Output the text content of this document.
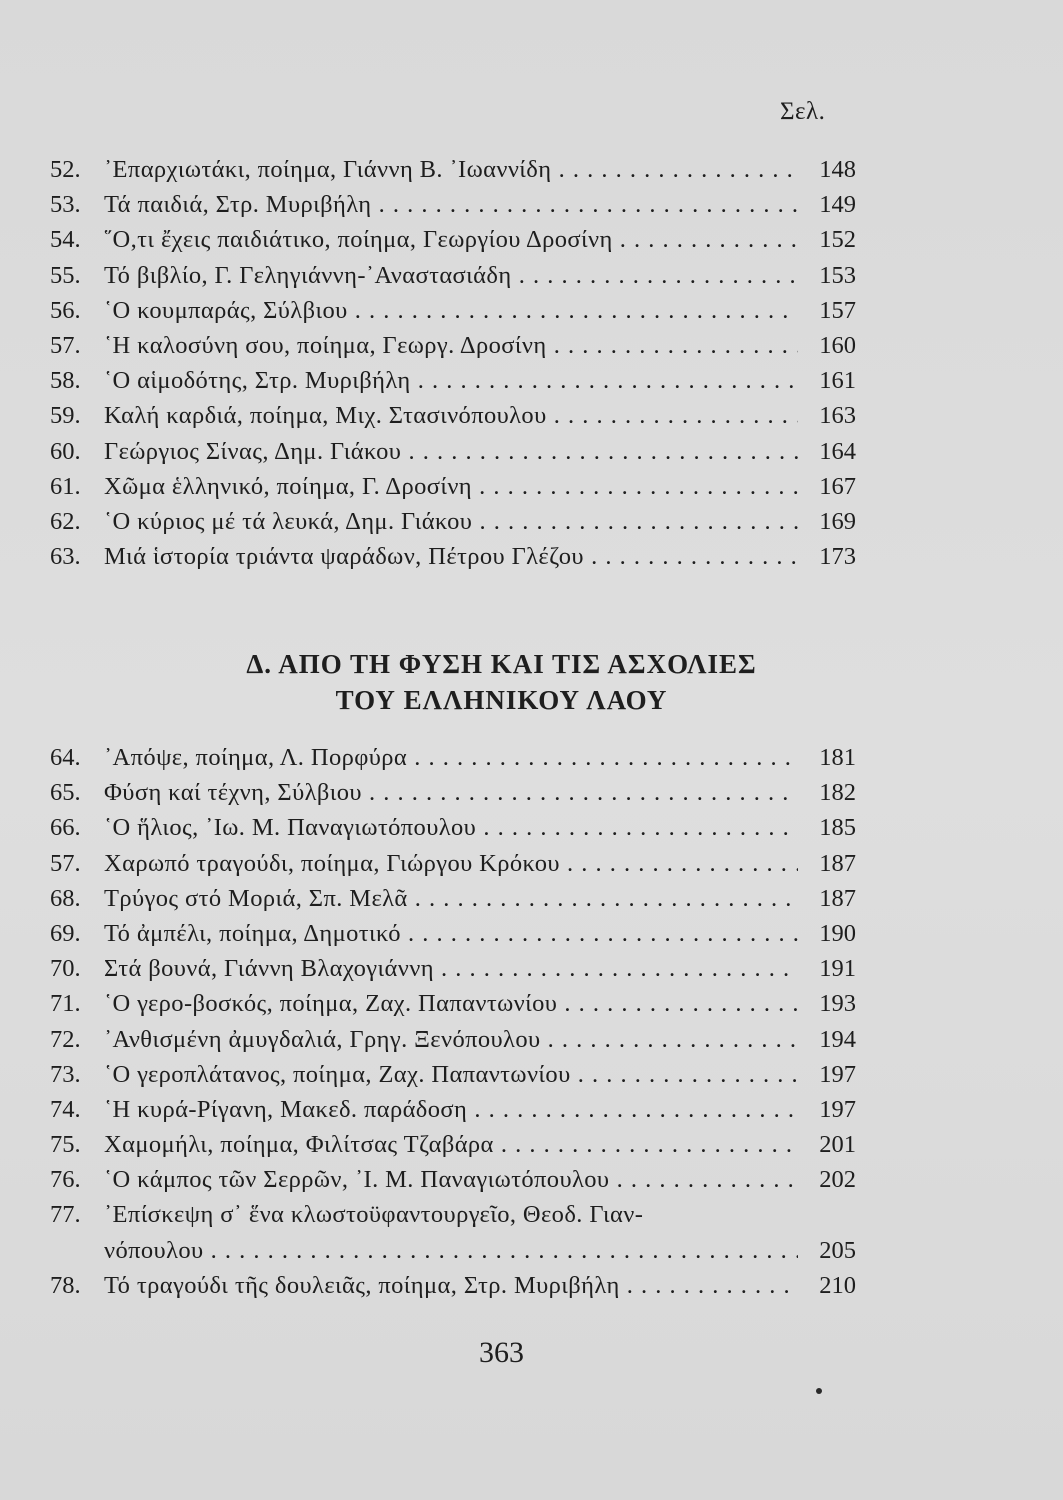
Σελ.
52. ᾿Επαρχιωτάκι, ποίημα, Γιάννη Β. ᾿Ιωαννίδη . . .	148
53. Τά παιδιά, Στρ. Μυριβήλη . . .	149
54. ῞Ο,τι ἔχεις παιδιάτικο, ποίημα, Γεωργίου Δροσίνη . . .	152
55. Τό βιβλίο, Γ. Γεληγιάννη-᾿Αναστασιάδη . . .	153
56. ῾Ο κουμπαράς, Σύλβιου . . .	157
57. ῾Η καλοσύνη σου, ποίημα, Γεωργ. Δροσίνη . . .	160
58. ῾Ο αἱμοδότης, Στρ. Μυριβήλη . . .	161
59. Καλή καρδιά, ποίημα, Μιχ. Στασινόπουλου . . .	163
60. Γεώργιος Σίνας, Δημ. Γιάκου . . .	164
61. Χῶμα ἑλληνικό, ποίημα, Γ. Δροσίνη . . .	167
62. ῾Ο κύριος μέ τά λευκά, Δημ. Γιάκου . . .	169
63. Μιά ἱστορία τριάντα ψαράδων, Πέτρου Γλέζου . . .	173
Δ. ΑΠΟ ΤΗ ΦΥΣΗ ΚΑΙ ΤΙΣ ΑΣΧΟΛΙΕΣ
ΤΟΥ ΕΛΛΗΝΙΚΟΥ ΛΑΟΥ
64. ᾿Απόψε, ποίημα, Λ. Πορφύρα . . .	181
65. Φύση καί τέχνη, Σύλβιου . . .	182
66. ῾Ο ἥλιος, ᾿Ιω. Μ. Παναγιωτόπουλου . . .	185
57. Χαρωπό τραγούδι, ποίημα, Γιώργου Κρόκου . . .	187
68. Τρύγος στό Μοριά, Σπ. Μελᾶ . . .	187
69. Τό ἀμπέλι, ποίημα, Δημοτικό . . .	190
70. Στά βουνά, Γιάννη Βλαχογιάννη . . .	191
71. ῾Ο γερο-βοσκός, ποίημα, Ζαχ. Παπαντωνίου . . .	193
72. ᾿Ανθισμένη ἀμυγδαλιά, Γρηγ. Ξενόπουλου . . .	194
73. ῾Ο γεροπλάτανος, ποίημα, Ζαχ. Παπαντωνίου . . .	197
74. ῾Η κυρά-Ρίγανη, Μακεδ. παράδοση . . .	197
75. Χαμομήλι, ποίημα, Φιλίτσας Τζαβάρα . . .	201
76. ῾Ο κάμπος τῶν Σερρῶν, ᾿Ι. Μ. Παναγιωτόπουλου . . .	202
77. ᾿Επίσκεψη σ᾿ ἕνα κλωστοϋφαντουργεῖο, Θεοδ. Γιαν-
νόπουλου . . .	205
78. Τό τραγούδι τῆς δουλειᾶς, ποίημα, Στρ. Μυριβήλη . . .	210
363
